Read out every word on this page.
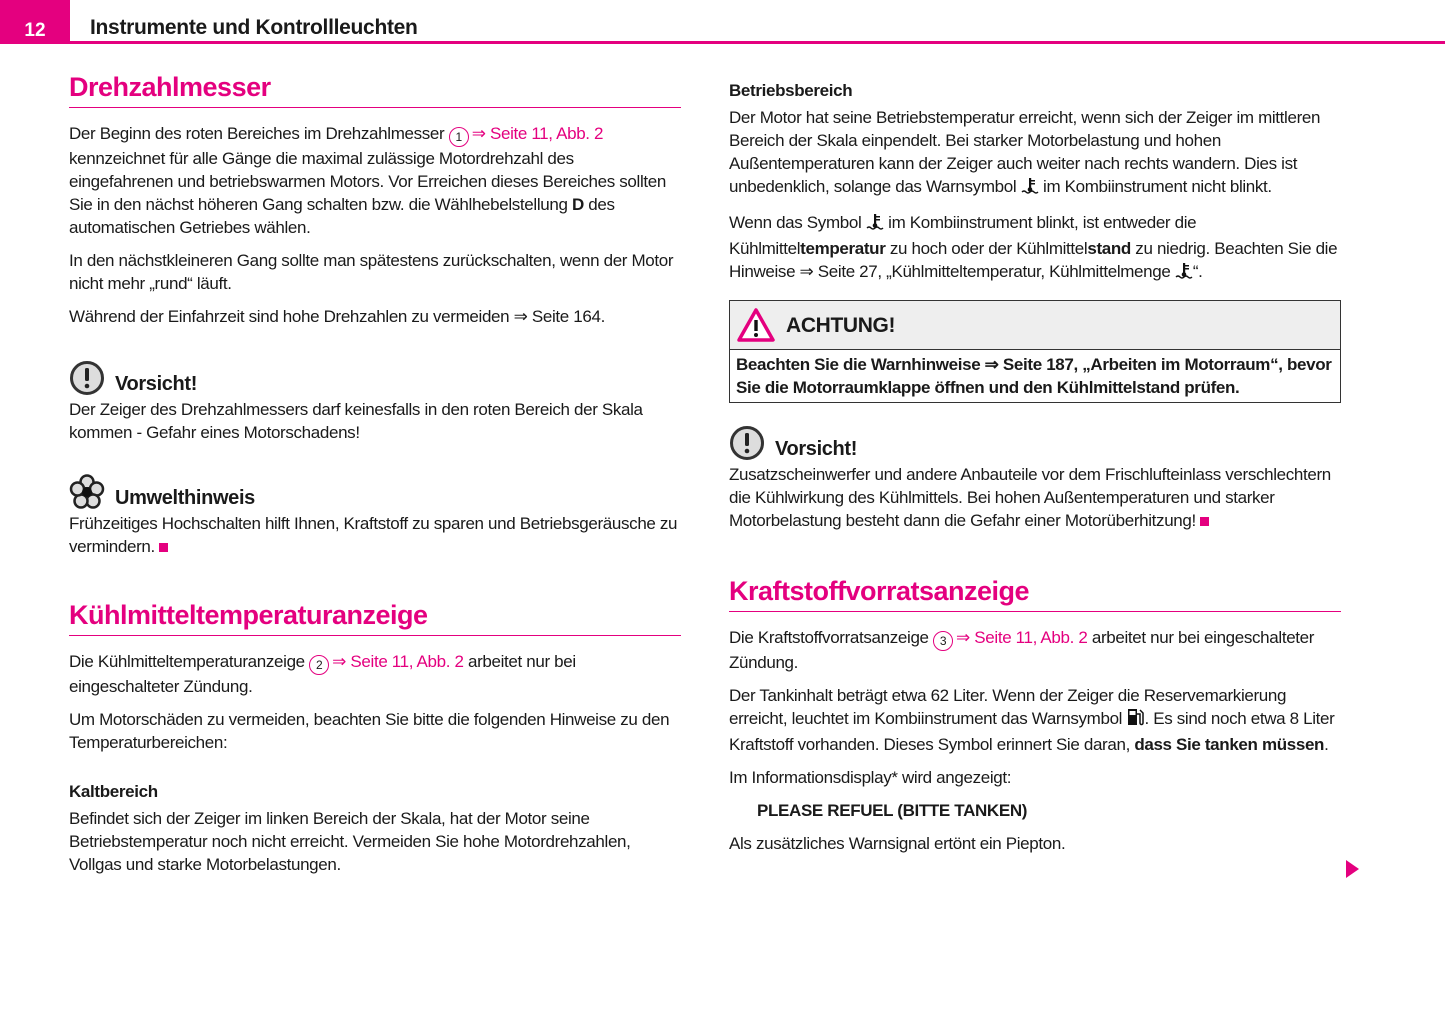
12	Instrumente und Kontrollleuchten
Drehzahlmesser

Der Beginn des roten Bereiches im Drehzahlmesser 1 ⇒ Seite 11, Abb. 2 kennzeichnet für alle Gänge die maximal zulässige Motordrehzahl des eingefahrenen und betriebswarmen Motors. Vor Erreichen dieses Bereiches sollten Sie in den nächst höheren Gang schalten bzw. die Wählhebelstellung D des automatischen Getriebes wählen.

In den nächstkleineren Gang sollte man spätestens zurückschalten, wenn der Motor nicht mehr „rund“ läuft.

Während der Einfahrzeit sind hohe Drehzahlen zu vermeiden ⇒ Seite 164.

Vorsicht!

Der Zeiger des Drehzahlmessers darf keinesfalls in den roten Bereich der Skala kommen - Gefahr eines Motorschadens!

Umwelthinweis

Frühzeitiges Hochschalten hilft Ihnen, Kraftstoff zu sparen und Betriebsgeräusche zu vermindern.

Kühlmitteltemperaturanzeige

Die Kühlmitteltemperaturanzeige 2 ⇒ Seite 11, Abb. 2 arbeitet nur bei eingeschalteter Zündung.

Um Motorschäden zu vermeiden, beachten Sie bitte die folgenden Hinweise zu den Temperaturbereichen:

Kaltbereich

Befindet sich der Zeiger im linken Bereich der Skala, hat der Motor seine Betriebstemperatur noch nicht erreicht. Vermeiden Sie hohe Motordrehzahlen, Vollgas und starke Motorbelastungen.

Betriebsbereich

Der Motor hat seine Betriebstemperatur erreicht, wenn sich der Zeiger im mittleren Bereich der Skala einpendelt. Bei starker Motorbelastung und hohen Außentemperaturen kann der Zeiger auch weiter nach rechts wandern. Dies ist unbedenklich, solange das Warnsymbol  im Kombiinstrument nicht blinkt.

Wenn das Symbol  im Kombiinstrument blinkt, ist entweder die Kühlmitteltemperatur zu hoch oder der Kühlmittelstand zu niedrig. Beachten Sie die Hinweise ⇒ Seite 27, „Kühlmitteltemperatur, Kühlmittelmenge “.

ACHTUNG!
Beachten Sie die Warnhinweise ⇒ Seite 187, „Arbeiten im Motorraum“, bevor Sie die Motorraumklappe öffnen und den Kühlmittelstand prüfen.
Vorsicht!

Zusatzscheinwerfer und andere Anbauteile vor dem Frischlufteinlass verschlechtern die Kühlwirkung des Kühlmittels. Bei hohen Außentemperaturen und starker Motorbelastung besteht dann die Gefahr einer Motorüberhitzung!

Kraftstoffvorratsanzeige

Die Kraftstoffvorratsanzeige 3 ⇒ Seite 11, Abb. 2 arbeitet nur bei eingeschalteter Zündung.

Der Tankinhalt beträgt etwa 62 Liter. Wenn der Zeiger die Reservemarkierung erreicht, leuchtet im Kombiinstrument das Warnsymbol . Es sind noch etwa 8 Liter Kraftstoff vorhanden. Dieses Symbol erinnert Sie daran, dass Sie tanken müssen.

Im Informationsdisplay* wird angezeigt:

PLEASE REFUEL (BITTE TANKEN)

Als zusätzliches Warnsignal ertönt ein Piepton.
